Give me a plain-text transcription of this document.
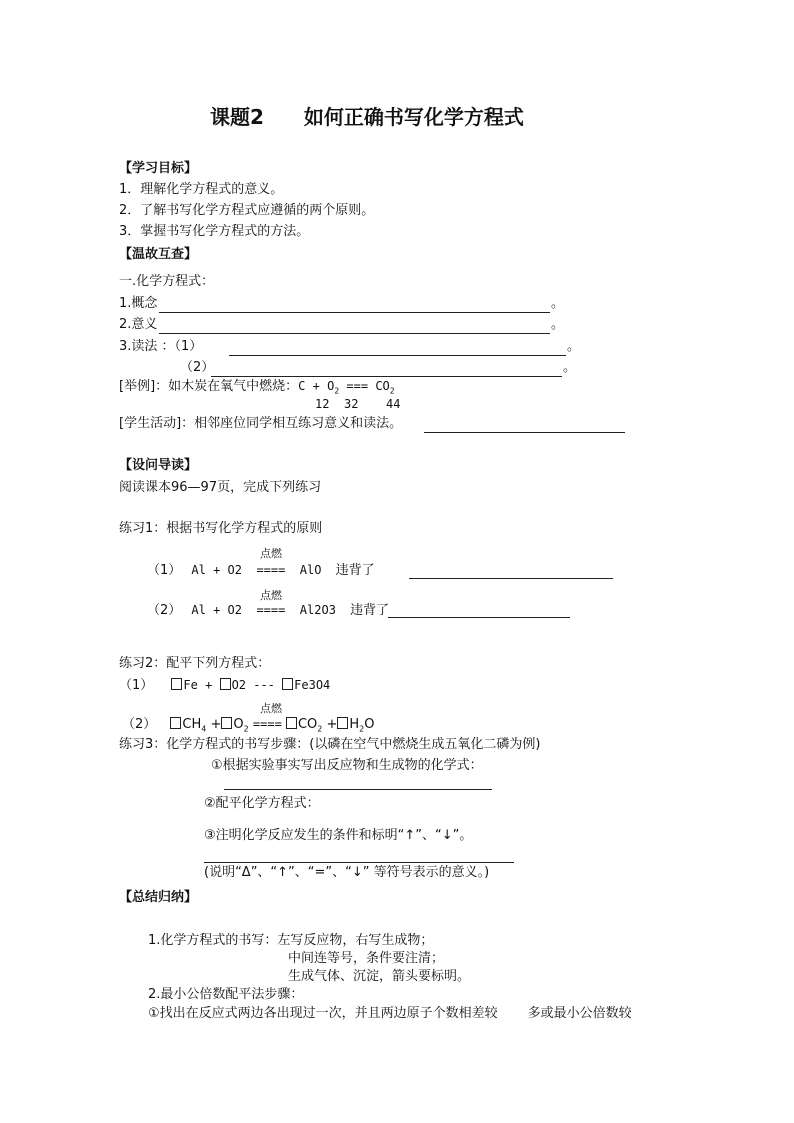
课题2 如何正确书写化学方程式
【学习目标】
1．理解化学方程式的意义。
2．了解书写化学方程式应遵循的两个原则。
3．掌握书写化学方程式的方法。
【温故互查】
一.化学方程式：
1.概念	。
2.意义	。
3.读法 ：（1）	。
（2）	。
[举例]：如木炭在氧气中燃烧：$C + O_2$ === $CO_2$
12 32 44
[学生活动]：相邻座位同学相互练习意义和读法。
【设问导读】
阅读课本96—97页，完成下列练习
练习1：根据书写化学方程式的原则
点燃
（1） Al + O2  ====  AlO 违背了
点燃
（2） Al + O2  ====  Al2O3 违背了
练习2：配平下列方程式：
（1）	Fe + O2 --- Fe3O4
点燃
（2） $CH_4 + O_2$ ==== $CO_2 + H_2O$
练习3：化学方程式的书写步骤：(以磷在空气中燃烧生成五氧化二磷为例)
①根据实验事实写出反应物和生成物的化学式：
②配平化学方程式：
③注明化学反应发生的条件和标明“↑”、“↓”。
(说明“Δ”、“↑”、“=”、“↓” 等符号表示的意义。)
【总结归纳】
1.化学方程式的书写：左写反应物，右写生成物；
中间连等号，条件要注清；
生成气体、沉淀，箭头要标明。
2.最小公倍数配平法步骤：
①找出在反应式两边各出现过一次，并且两边原子个数相差较 多或最小公倍数较
